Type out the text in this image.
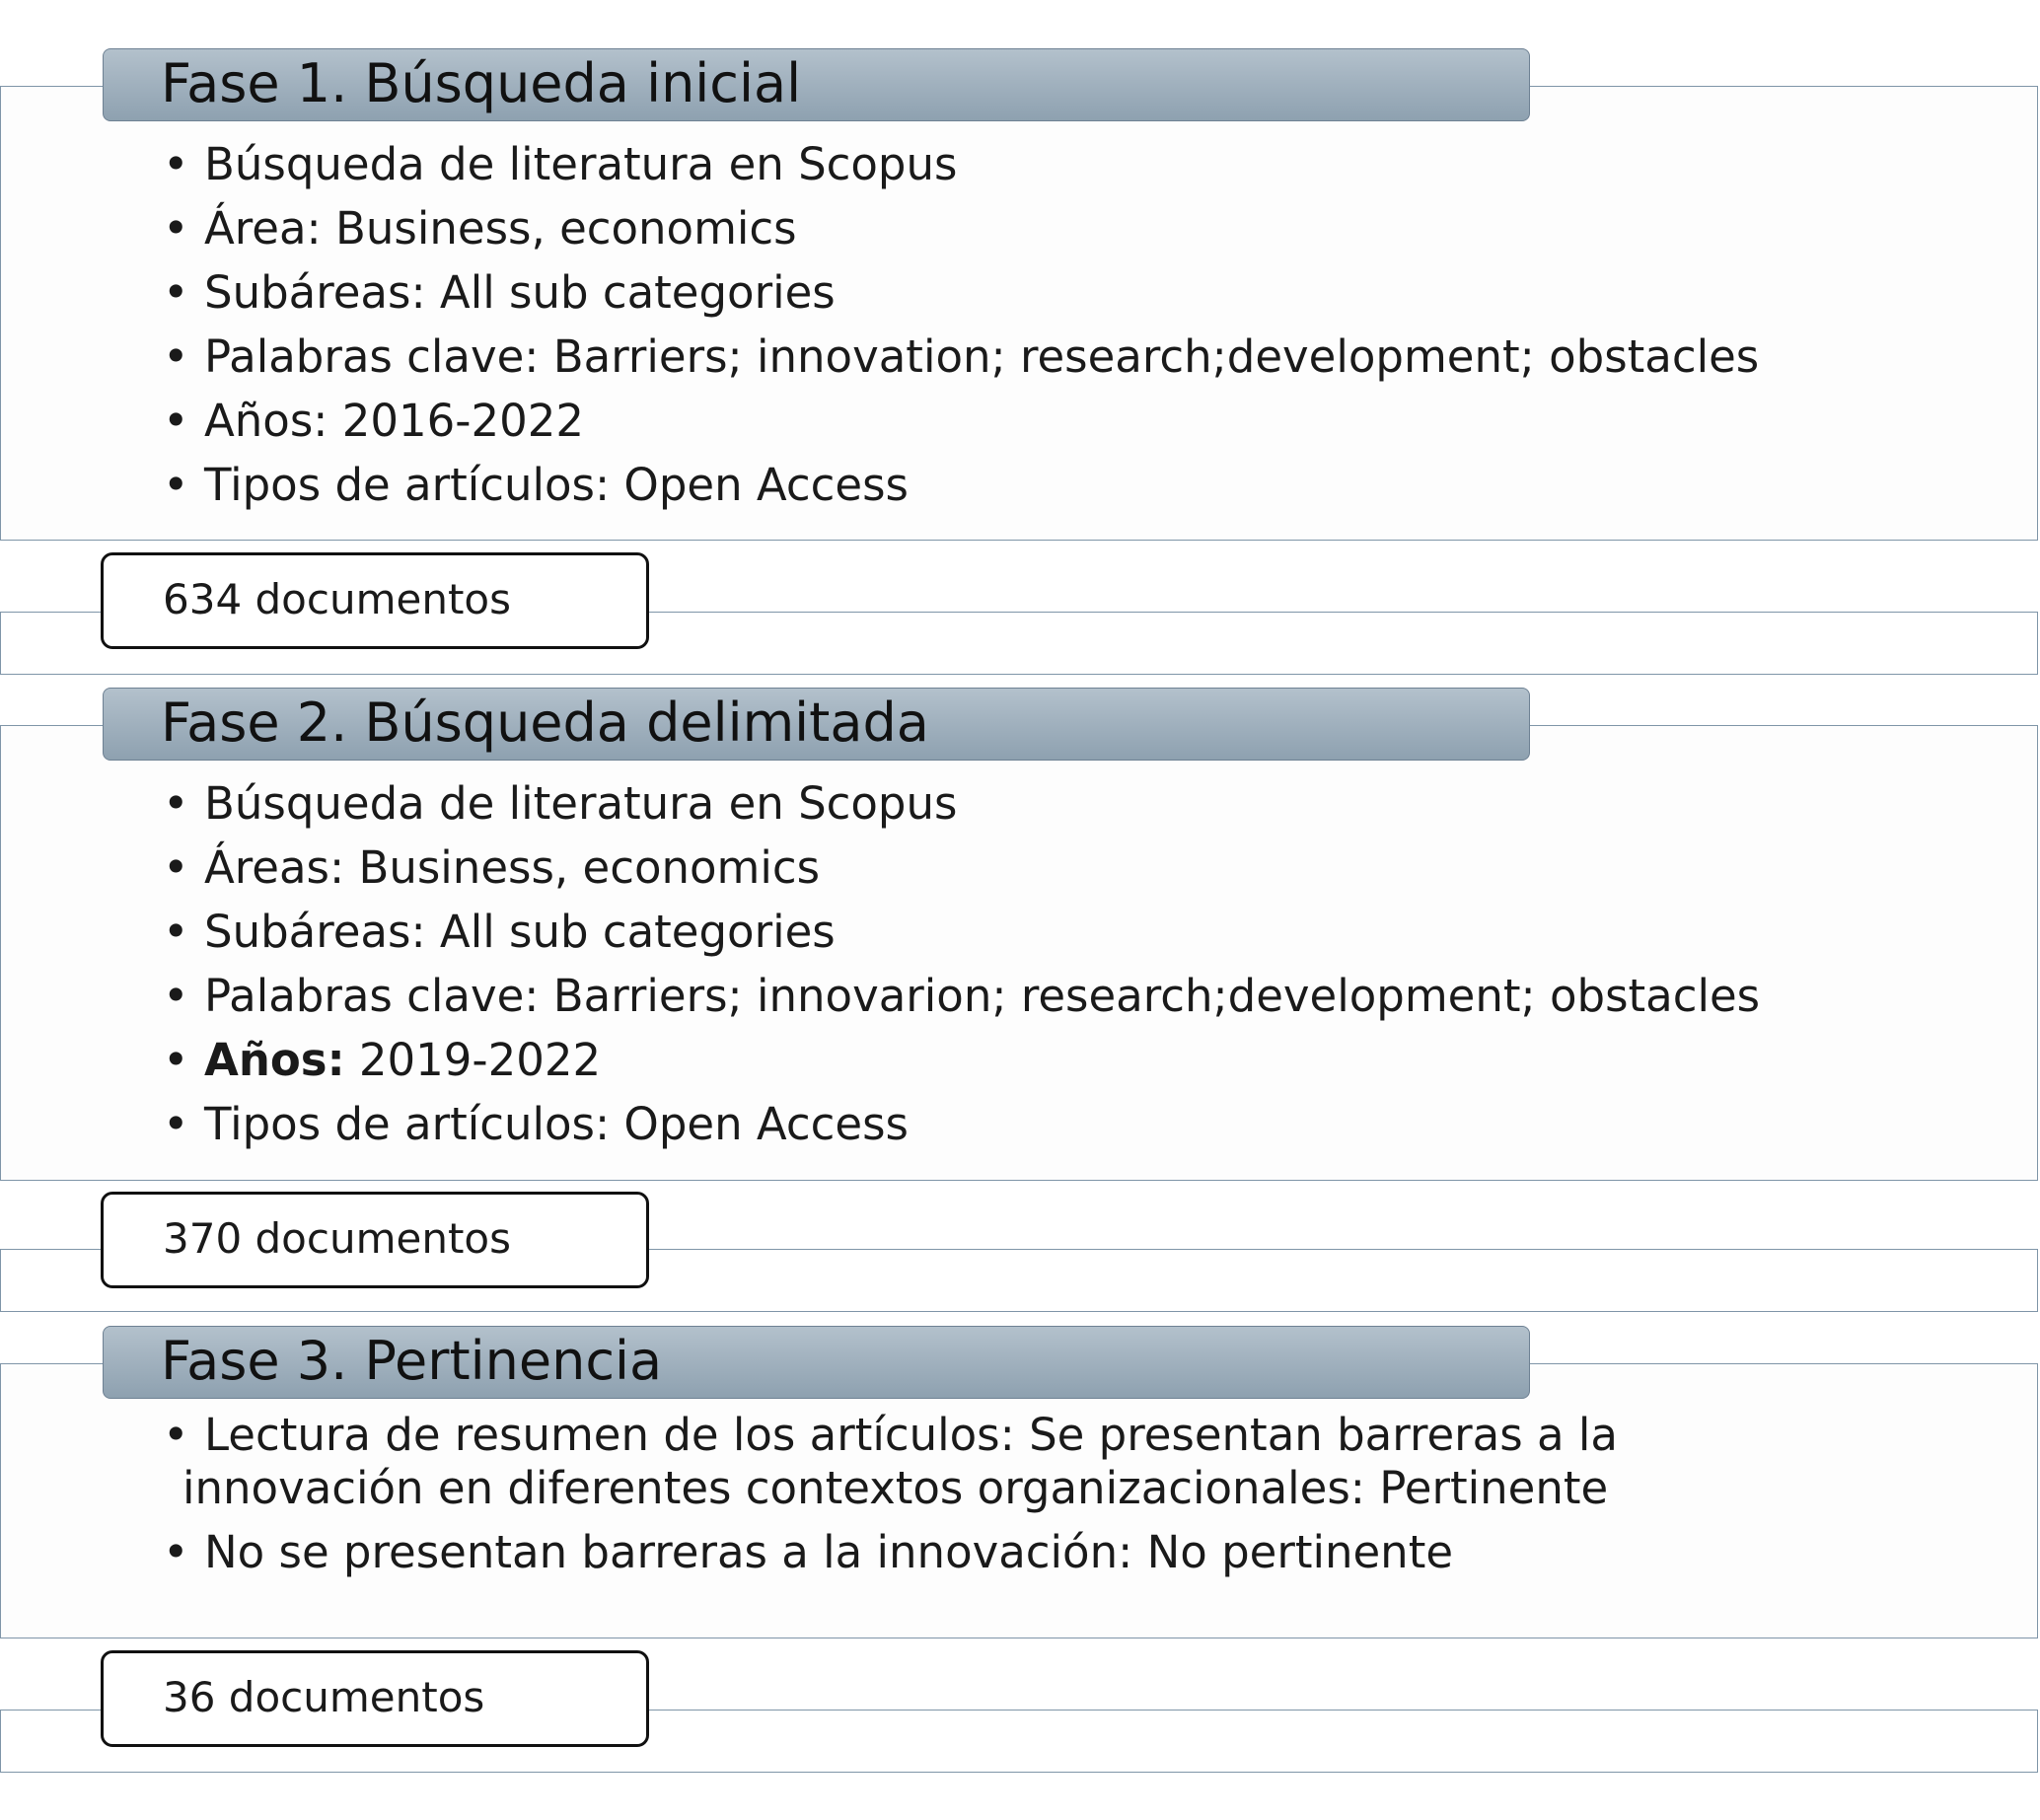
Fase 1. Búsqueda inicial
• Búsqueda de literatura en Scopus
• Área: Business, economics
• Subáreas: All sub categories
• Palabras clave: Barriers; innovation; research;development; obstacles
• Años: 2016-2022
• Tipos de artículos: Open Access
634 documentos
Fase 2. Búsqueda delimitada
• Búsqueda de literatura en Scopus
• Áreas: Business, economics
• Subáreas: All sub categories
• Palabras clave: Barriers; innovarion; research;development; obstacles
• Años: 2019-2022
• Tipos de artículos: Open Access
370 documentos
Fase 3. Pertinencia
• Lectura de resumen de los artículos: Se presentan barreras a la
innovación en diferentes contextos organizacionales: Pertinente
• No se presentan barreras a la innovación: No pertinente
36 documentos
